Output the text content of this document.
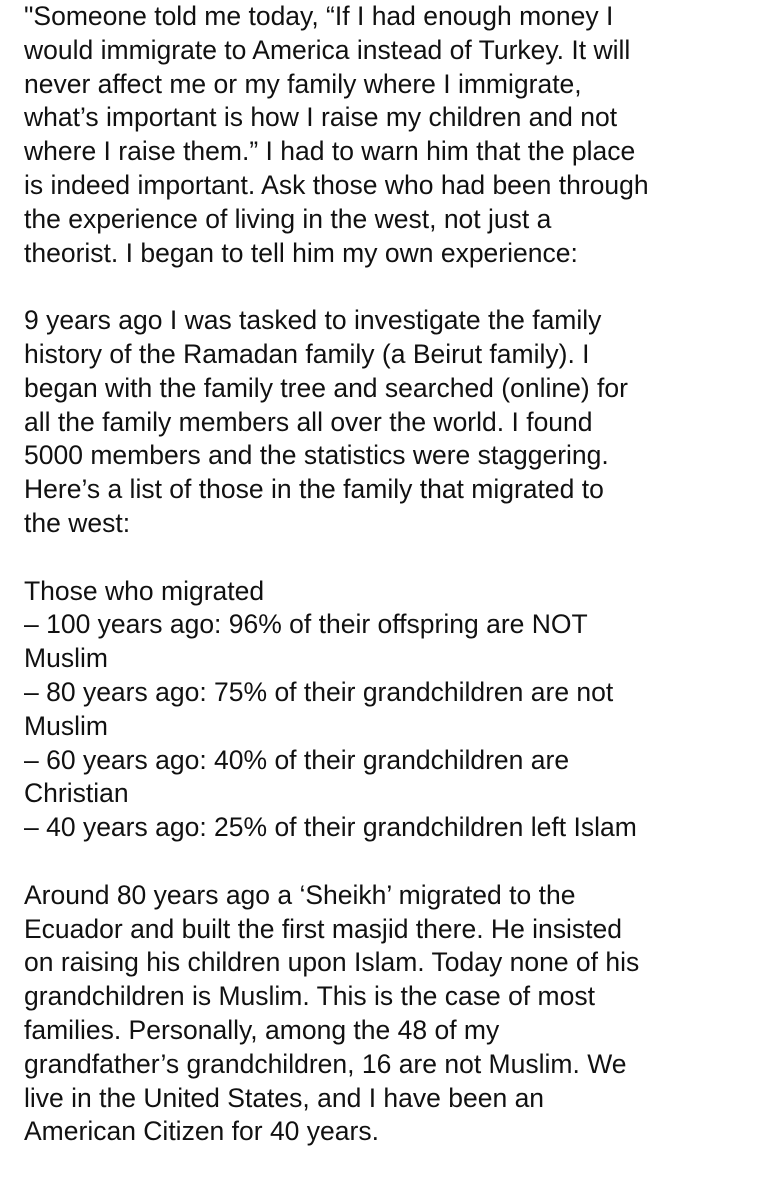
"Someone told me today, “If I had enough money I
would immigrate to America instead of Turkey. It will
never affect me or my family where I immigrate,
what’s important is how I raise my children and not
where I raise them.” I had to warn him that the place
is indeed important. Ask those who had been through
the experience of living in the west, not just a
theorist. I began to tell him my own experience:
9 years ago I was tasked to investigate the family
history of the Ramadan family (a Beirut family). I
began with the family tree and searched (online) for
all the family members all over the world. I found
5000 members and the statistics were staggering.
Here’s a list of those in the family that migrated to
the west:
Those who migrated
– 100 years ago: 96% of their offspring are NOT
Muslim
– 80 years ago: 75% of their grandchildren are not
Muslim
– 60 years ago: 40% of their grandchildren are
Christian
– 40 years ago: 25% of their grandchildren left Islam
Around 80 years ago a ‘Sheikh’ migrated to the
Ecuador and built the first masjid there. He insisted
on raising his children upon Islam. Today none of his
grandchildren is Muslim. This is the case of most
families. Personally, among the 48 of my
grandfather’s grandchildren, 16 are not Muslim. We
live in the United States, and I have been an
American Citizen for 40 years.
